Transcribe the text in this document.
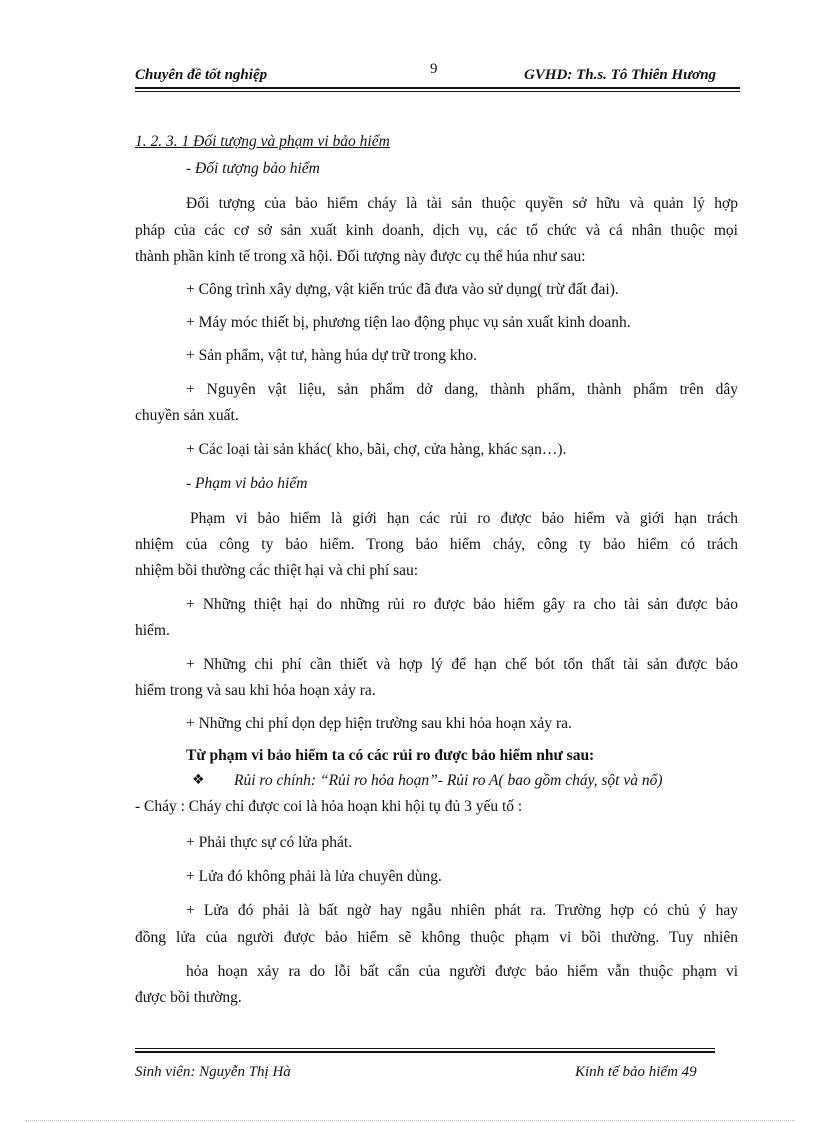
Chuyên đề tốt nghiệp	9	GVHD: Th.s. Tô Thiên Hương
1. 2. 3. 1 Đối tượng và phạm vi bảo hiểm
- Đối tượng bảo hiểm
Đối tượng của bảo hiểm cháy là tài sản thuộc quyền sở hữu và quản lý hợp
pháp của các cơ sở sản xuất kinh doanh, dịch vụ, các tổ chức và cá nhân thuộc mọi
thành phần kinh tế trong xã hội. Đối tượng này được cụ thể húa như sau:
+ Công trình xây dựng, vật kiến trúc đã đưa vào sử dụng( trừ đất đai).
+ Máy móc thiết bị, phương tiện lao động phục vụ sản xuất kinh doanh.
+ Sản phẩm, vật tư, hàng húa dự trữ trong kho.
+ Nguyên vật liệu, sản phẩm dở dang, thành phẩm, thành phẩm trên dây
chuyền sản xuất.
+ Các loại tài sản khác( kho, bãi, chợ, cửa hàng, khác sạn…).
- Phạm vi bảo hiểm
Phạm vi bảo hiểm là giới hạn các rủi ro được bảo hiểm và giới hạn trách
nhiệm của công ty bảo hiểm. Trong bảo hiểm cháy, công ty bảo hiểm có trách
nhiệm bồi thường các thiệt hại và chi phí sau:
+ Những thiệt hại do những rủi ro được bảo hiểm gây ra cho tài sản được bảo
hiểm.
+ Những chi phí cần thiết và hợp lý để hạn chế bót tổn thất tài sản được bảo
hiểm trong và sau khi hỏa hoạn xảy ra.
+ Những chi phí dọn dẹp hiện trường sau khi hỏa hoạn xảy ra.
Từ phạm vi bảo hiểm ta có các rủi ro được bảo hiểm như sau:
❖ Rủi ro chính: “Rủi ro hỏa hoạn”- Rủi ro A( bao gồm cháy, sột và nổ)
- Cháy : Cháy chỉ được coi là hỏa hoạn khi hội tụ đủ 3 yếu tố :
+ Phải thực sự có lửa phát.
+ Lửa đó không phải là lửa chuyên dùng.
+ Lửa đó phải là bất ngờ hay ngẫu nhiên phát ra. Trường hợp có chủ ý hay
đồng lửa của người được bảo hiểm sẽ không thuộc phạm vi bồi thường. Tuy nhiên
hỏa hoạn xảy ra do lỗi bất cẩn của người được bảo hiểm vẫn thuộc phạm vi
được bồi thường.
Sinh viên: Nguyễn Thị Hà	Kinh tế bảo hiểm 49
